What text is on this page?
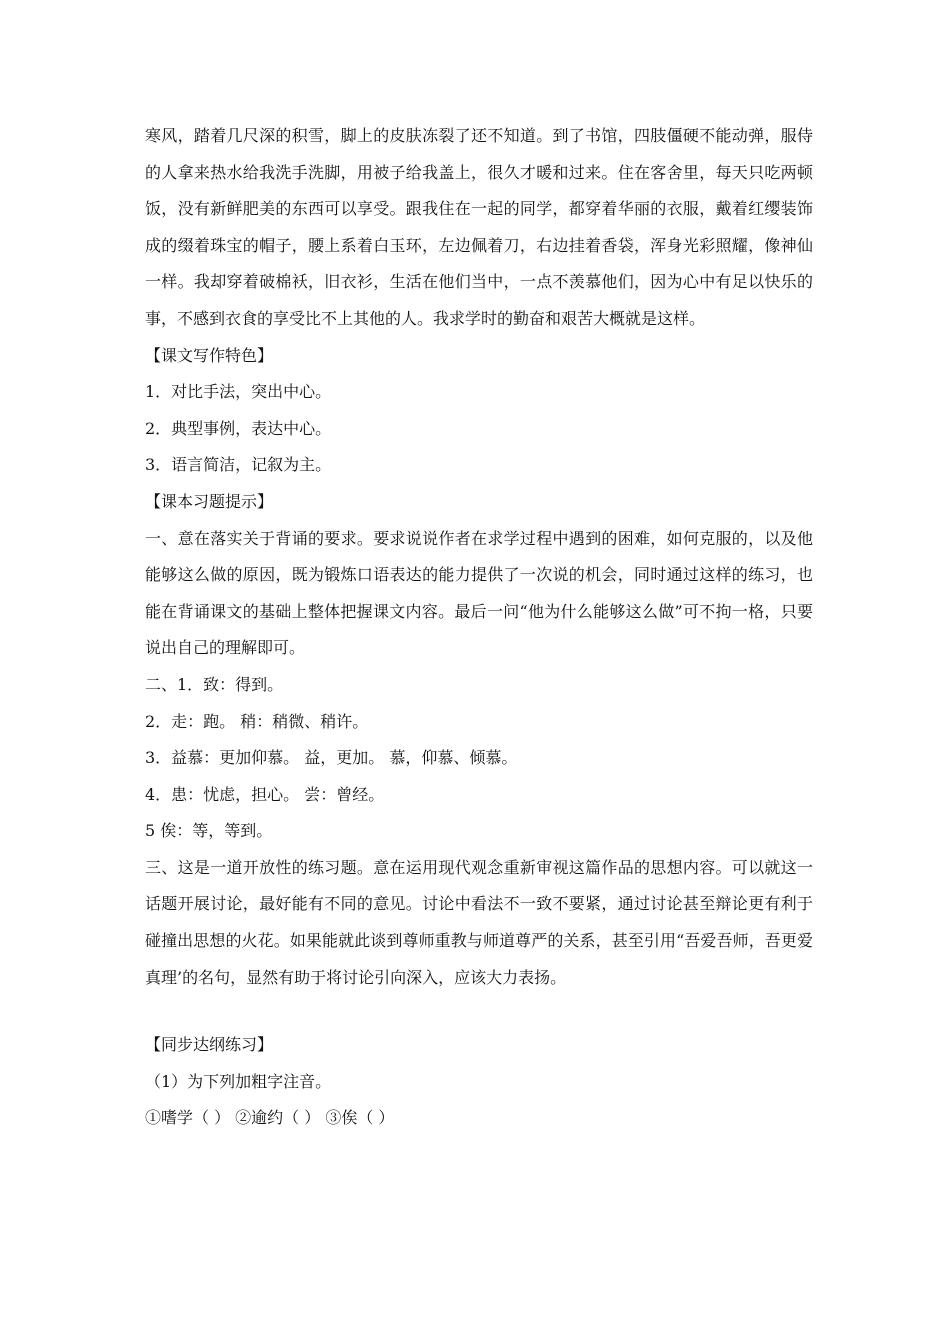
寒风，踏着几尺深的积雪，脚上的皮肤冻裂了还不知道。到了书馆，四肢僵硬不能动弹，服侍的人拿来热水给我洗手洗脚，用被子给我盖上，很久才暖和过来。住在客舍里，每天只吃两顿饭，没有新鲜肥美的东西可以享受。跟我住在一起的同学，都穿着华丽的衣服，戴着红缨装饰成的缀着珠宝的帽子，腰上系着白玉环，左边佩着刀，右边挂着香袋，浑身光彩照耀，像神仙一样。我却穿着破棉袄，旧衣衫，生活在他们当中，一点不羡慕他们，因为心中有足以快乐的事，不感到衣食的享受比不上其他的人。我求学时的勤奋和艰苦大概就是这样。

【课文写作特色】

1．对比手法，突出中心。

2．典型事例，表达中心。

3．语言简洁，记叙为主。

【课本习题提示】

一、意在落实关于背诵的要求。要求说说作者在求学过程中遇到的困难，如何克服的，以及他能够这么做的原因，既为锻炼口语表达的能力提供了一次说的机会，同时通过这样的练习，也能在背诵课文的基础上整体把握课文内容。最后一问“他为什么能够这么做”可不拘一格，只要说出自己的理解即可。

二、1．致：得到。

2．走：跑。 稍：稍微、稍许。

3．益慕：更加仰慕。 益，更加。 慕，仰慕、倾慕。

4．患：忧虑，担心。 尝：曾经。

5 俟：等，等到。

三、这是一道开放性的练习题。意在运用现代观念重新审视这篇作品的思想内容。可以就这一话题开展讨论，最好能有不同的意见。讨论中看法不一致不要紧，通过讨论甚至辩论更有利于碰撞出思想的火花。如果能就此谈到尊师重教与师道尊严的关系，甚至引用“吾爱吾师，吾更爱真理’的名句，显然有助于将讨论引向深入，应该大力表扬。

【同步达纲练习】

（1）为下列加粗字注音。

①嗜学（ ） ②逾约（ ） ③俟（ ）
